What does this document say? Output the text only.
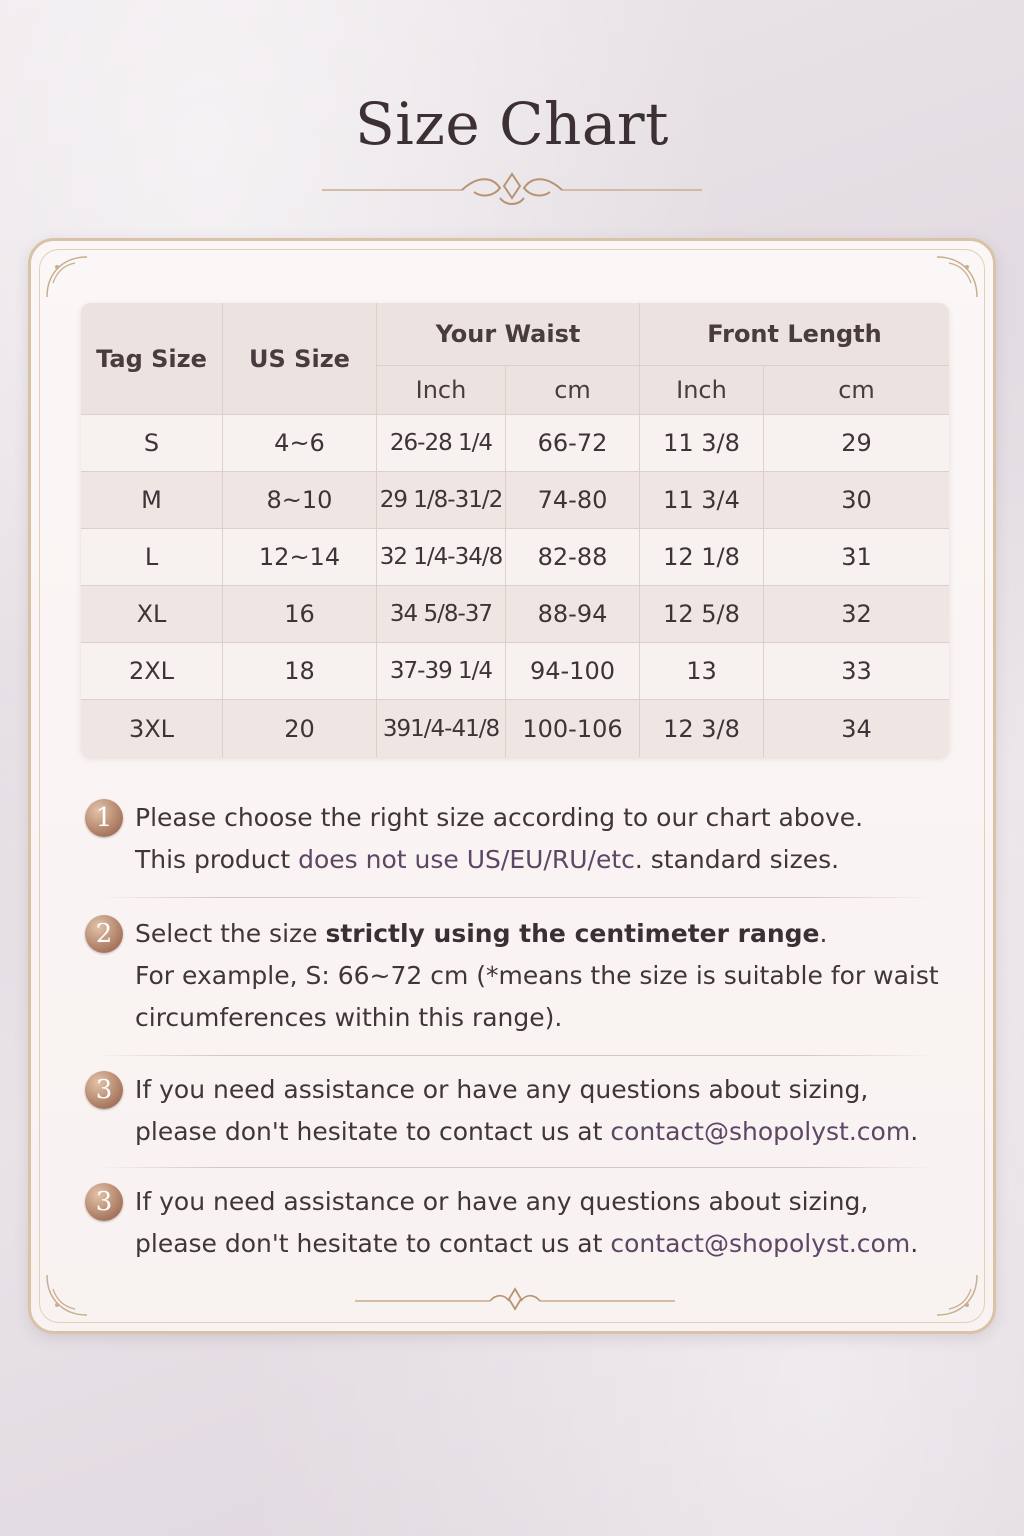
Size Chart
Tag Size	US Size	Your Waist		Front Length	
		Inch	cm	Inch	cm
S	4~6	26-28 1/4	66-72	11 3/8	29
M	8~10	29 1/8-31/2	74-80	11 3/4	30
L	12~14	32 1/4-34/8	82-88	12 1/8	31
XL	16	34 5/8-37	88-94	12 5/8	32
2XL	18	37-39 1/4	94-100	13	33
3XL	20	391/4-41/8	100-106	12 3/8	34
1 Please choose the right size according to our chart above.
This product does not use US/EU/RU/etc. standard sizes.
2 Select the size strictly using the centimeter range.
For example, S: 66~72 cm (*means the size is suitable for waist
circumferences within this range).
3 If you need assistance or have any questions about sizing,
please don't hesitate to contact us at contact@shopolyst.com.
3 If you need assistance or have any questions about sizing,
please don't hesitate to contact us at contact@shopolyst.com.
